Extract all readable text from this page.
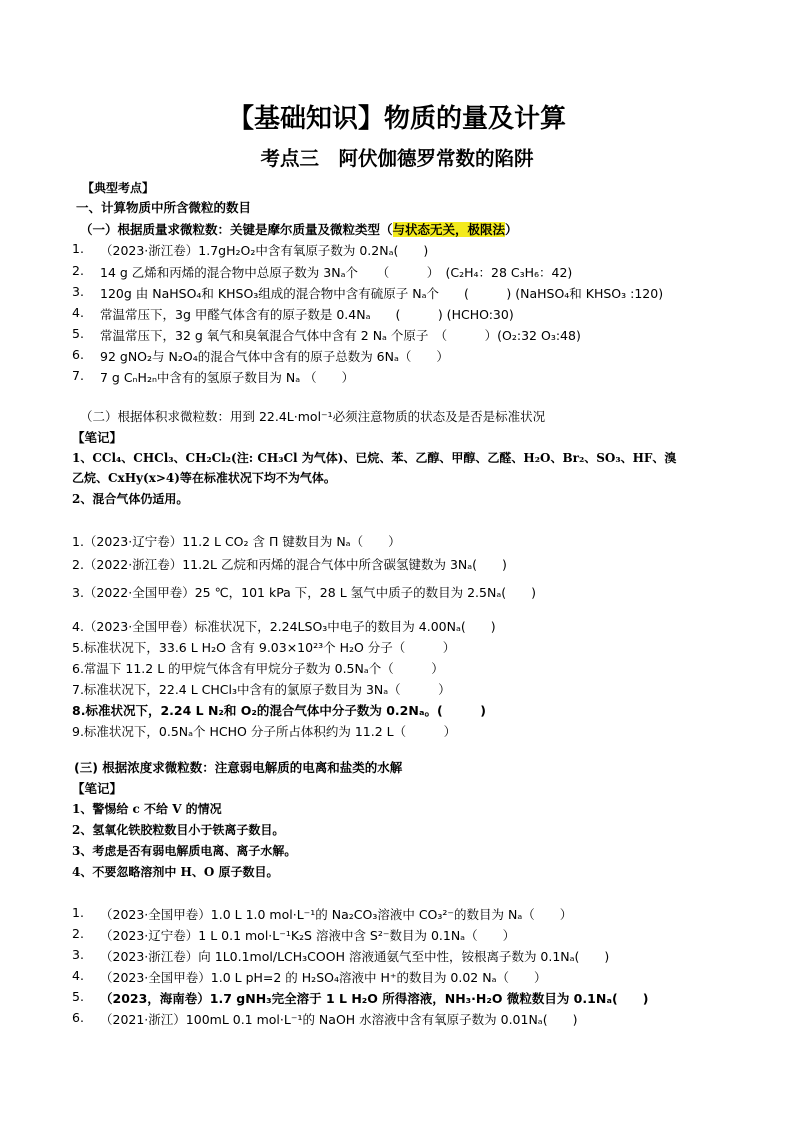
【基础知识】物质的量及计算
考点三　阿伏伽德罗常数的陷阱
【典型考点】
一、计算物质中所含微粒的数目
（一）根据质量求微粒数：关键是摩尔质量及微粒类型（与状态无关，极限法）
1. （2023·浙江卷）1.7gH₂O₂中含有氧原子数为 0.2Nₐ(　　)
2. 14 g 乙烯和丙烯的混合物中总原子数为 3Nₐ个　　（　　　）　(C₂H₄：28 C₃H₆：42)
3. 120g 由 NaHSO₄和 KHSO₃组成的混合物中含有硫原子 Nₐ个　　(　　　) (NaHSO₄和 KHSO₃ :120)
4. 常温常压下，3g 甲醛气体含有的原子数是 0.4Nₐ　　(　　　) (HCHO:30)
5. 常温常压下，32 g 氧气和臭氧混合气体中含有 2 Nₐ 个原子　（　　　）(O₂:32 O₃:48)
6. 92 gNO₂与 N₂O₄的混合气体中含有的原子总数为 6Nₐ（　　）
7. 7 g CₙH₂ₙ中含有的氢原子数目为 Nₐ （　　）
（二）根据体积求微粒数：用到 22.4L·mol⁻¹必须注意物质的状态及是否是标准状况
【笔记】
1、CCl₄、CHCl₃、CH₂Cl₂(注: CH₃Cl 为气体)、已烷、苯、乙醇、甲醇、乙醛、H₂O、Br₂、SO₃、HF、溴
乙烷、CxHy(x>4)等在标准状况下均不为气体。
2、混合气体仍适用。
1.（2023·辽宁卷）11.2 L CO₂ 含 Π 键数目为 Nₐ（　　）
2.（2022·浙江卷）11.2L 乙烷和丙烯的混合气体中所含碳氢键数为 3Nₐ(　　)
3.（2022·全国甲卷）25 ℃，101 kPa 下，28 L 氢气中质子的数目为 2.5Nₐ(　　)
4.（2023·全国甲卷）标准状况下，2.24LSO₃中电子的数目为 4.00Nₐ(　　)
5.标准状况下，33.6 L H₂O 含有 9.03×10²³个 H₂O 分子（　　　）
6.常温下 11.2 L 的甲烷气体含有甲烷分子数为 0.5Nₐ个（　　　）
7.标准状况下，22.4 L CHCl₃中含有的氯原子数目为 3Nₐ（　　　）
8.标准状况下，2.24 L N₂和 O₂的混合气体中分子数为 0.2Nₐ。(　　　)
9.标准状况下，0.5Nₐ个 HCHO 分子所占体积约为 11.2 L（　　　）
(三) 根据浓度求微粒数：注意弱电解质的电离和盐类的水解
【笔记】
1、警惕给 c 不给 V 的情况
2、氢氧化铁胶粒数目小于铁离子数目。
3、考虑是否有弱电解质电离、离子水解。
4、不要忽略溶剂中 H、O 原子数目。
1. （2023·全国甲卷）1.0 L 1.0 mol·L⁻¹的 Na₂CO₃溶液中 CO₃²⁻的数目为 Nₐ（　　）
2. （2023·辽宁卷）1 L 0.1 mol·L⁻¹K₂S 溶液中含 S²⁻数目为 0.1Nₐ（　　）
3. （2023·浙江卷）向 1L0.1mol/LCH₃COOH 溶液通氨气至中性，铵根离子数为 0.1Nₐ(　　)
4. （2023·全国甲卷）1.0 L pH=2 的 H₂SO₄溶液中 H⁺的数目为 0.02 Nₐ（　　）
5. （2023，海南卷）1.7 gNH₃完全溶于 1 L H₂O 所得溶液，NH₃·H₂O 微粒数目为 0.1Nₐ(　　)
6. （2021·浙江）100mL 0.1 mol·L⁻¹的 NaOH 水溶液中含有氧原子数为 0.01Nₐ(　　)
